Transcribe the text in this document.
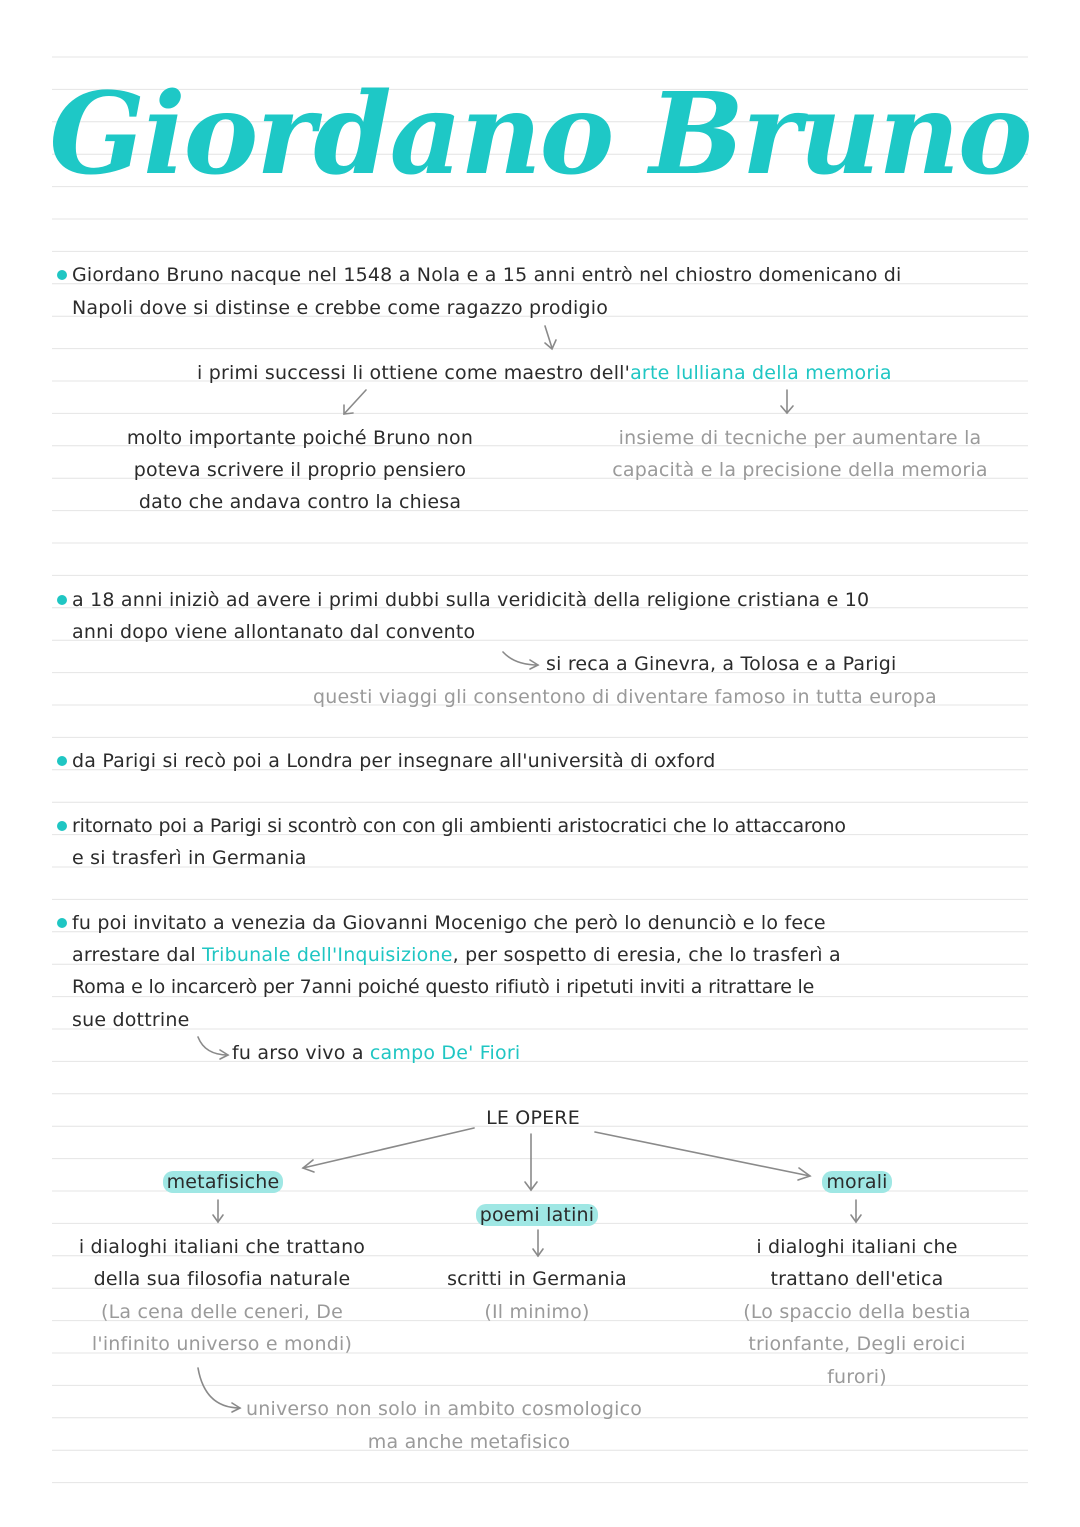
Giordano Bruno
Giordano Bruno nacque nel 1548 a Nola e a 15 anni entrò nel chiostro domenicano di
Napoli dove si distinse e crebbe come ragazzo prodigio
i primi successi li ottiene come maestro dell'arte lulliana della memoria
molto importante poiché Bruno non
poteva scrivere il proprio pensiero
dato che andava contro la chiesa
insieme di tecniche per aumentare la
capacità e la precisione della memoria
a 18 anni iniziò ad avere i primi dubbi sulla veridicità della religione cristiana e 10
anni dopo viene allontanato dal convento
si reca a Ginevra, a Tolosa e a Parigi
questi viaggi gli consentono di diventare famoso in tutta europa
da Parigi si recò poi a Londra per insegnare all'università di oxford
ritornato poi a Parigi si scontrò con con gli ambienti aristocratici che lo attaccarono
e si trasferì in Germania
fu poi invitato a venezia da Giovanni Mocenigo che però lo denunciò e lo fece
arrestare dal Tribunale dell'Inquisizione, per sospetto di eresia, che lo trasferì a
Roma e lo incarcerò per 7anni poiché questo rifiutò i ripetuti inviti a ritrattare le
sue dottrine
fu arso vivo a campo De' Fiori
LE OPERE
metafisiche
poemi latini
morali
i dialoghi italiani che trattano
della sua filosofia naturale
(La cena delle ceneri, De
l'infinito universo e mondi)
scritti in Germania
(Il minimo)
i dialoghi italiani che
trattano dell'etica
(Lo spaccio della bestia
trionfante, Degli eroici
furori)
universo non solo in ambito cosmologico
ma anche metafisico
